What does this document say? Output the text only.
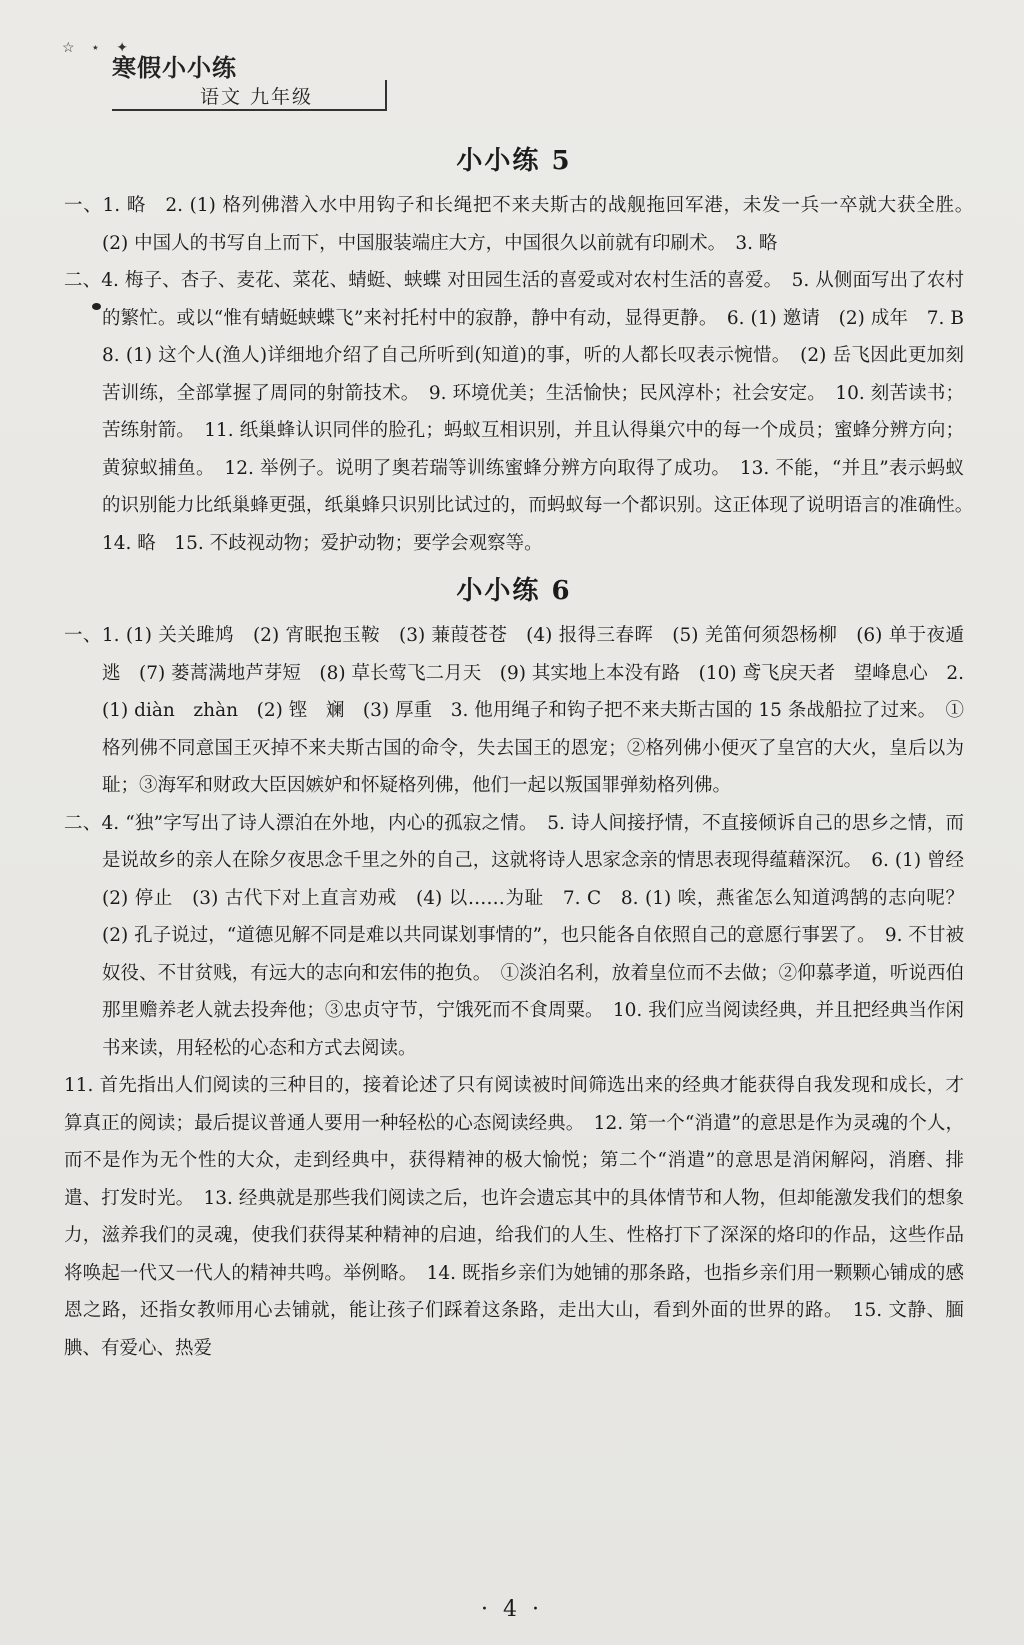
☆ ⋆ ✦
寒假小小练
语文 九年级
小小练 5

一、1. 略　2. (1) 格列佛潜入水中用钩子和长绳把不来夫斯古的战舰拖回军港，未发一兵一卒就大获全胜。　(2) 中国人的书写自上而下，中国服装端庄大方，中国很久以前就有印刷术。　3. 略

二、4. 梅子、杏子、麦花、菜花、蜻蜓、蛱蝶 对田园生活的喜爱或对农村生活的喜爱。　5. 从侧面写出了农村的繁忙。或以“惟有蜻蜓蛱蝶飞”来衬托村中的寂静，静中有动，显得更静。　6. (1) 邀请　(2) 成年　7. B　8. (1) 这个人(渔人)详细地介绍了自己所听到(知道)的事，听的人都长叹表示惋惜。　(2) 岳飞因此更加刻苦训练，全部掌握了周同的射箭技术。　9. 环境优美；生活愉快；民风淳朴；社会安定。　10. 刻苦读书；苦练射箭。　11. 纸巢蜂认识同伴的脸孔；蚂蚁互相识别，并且认得巢穴中的每一个成员；蜜蜂分辨方向；黄猄蚁捕鱼。　12. 举例子。说明了奥若瑞等训练蜜蜂分辨方向取得了成功。　13. 不能，“并且”表示蚂蚁的识别能力比纸巢蜂更强，纸巢蜂只识别比试过的，而蚂蚁每一个都识别。这正体现了说明语言的准确性。　14. 略　15. 不歧视动物；爱护动物；要学会观察等。

小小练 6

一、1. (1) 关关雎鸠　(2) 宵眠抱玉鞍　(3) 蒹葭苍苍　(4) 报得三春晖　(5) 羌笛何须怨杨柳　(6) 单于夜遁逃　(7) 蒌蒿满地芦芽短　(8) 草长莺飞二月天　(9) 其实地上本没有路　(10) 鸢飞戾天者　望峰息心　2. (1) diàn　zhàn　(2) 铿　斓　(3) 厚重　3. 他用绳子和钩子把不来夫斯古国的 15 条战船拉了过来。　①格列佛不同意国王灭掉不来夫斯古国的命令，失去国王的恩宠；②格列佛小便灭了皇宫的大火，皇后以为耻；③海军和财政大臣因嫉妒和怀疑格列佛，他们一起以叛国罪弹劾格列佛。

二、4. “独”字写出了诗人漂泊在外地，内心的孤寂之情。　5. 诗人间接抒情，不直接倾诉自己的思乡之情，而是说故乡的亲人在除夕夜思念千里之外的自己，这就将诗人思家念亲的情思表现得蕴藉深沉。　6. (1) 曾经　(2) 停止　(3) 古代下对上直言劝戒　(4) 以……为耻　7. C　8. (1) 唉，燕雀怎么知道鸿鹄的志向呢？　(2) 孔子说过，“道德见解不同是难以共同谋划事情的”，也只能各自依照自己的意愿行事罢了。　9. 不甘被奴役、不甘贫贱，有远大的志向和宏伟的抱负。　①淡泊名利，放着皇位而不去做；②仰慕孝道，听说西伯那里赡养老人就去投奔他；③忠贞守节，宁饿死而不食周粟。　10. 我们应当阅读经典，并且把经典当作闲书来读，用轻松的心态和方式去阅读。

11. 首先指出人们阅读的三种目的，接着论述了只有阅读被时间筛选出来的经典才能获得自我发现和成长，才算真正的阅读；最后提议普通人要用一种轻松的心态阅读经典。　12. 第一个“消遣”的意思是作为灵魂的个人，而不是作为无个性的大众，走到经典中，获得精神的极大愉悦；第二个“消遣”的意思是消闲解闷，消磨、排遣、打发时光。　13. 经典就是那些我们阅读之后，也许会遗忘其中的具体情节和人物，但却能激发我们的想象力，滋养我们的灵魂，使我们获得某种精神的启迪，给我们的人生、性格打下了深深的烙印的作品，这些作品将唤起一代又一代人的精神共鸣。举例略。　14. 既指乡亲们为她铺的那条路，也指乡亲们用一颗颗心铺成的感恩之路，还指女教师用心去铺就，能让孩子们踩着这条路，走出大山，看到外面的世界的路。　15. 文静、腼腆、有爱心、热爱

· 4 ·
